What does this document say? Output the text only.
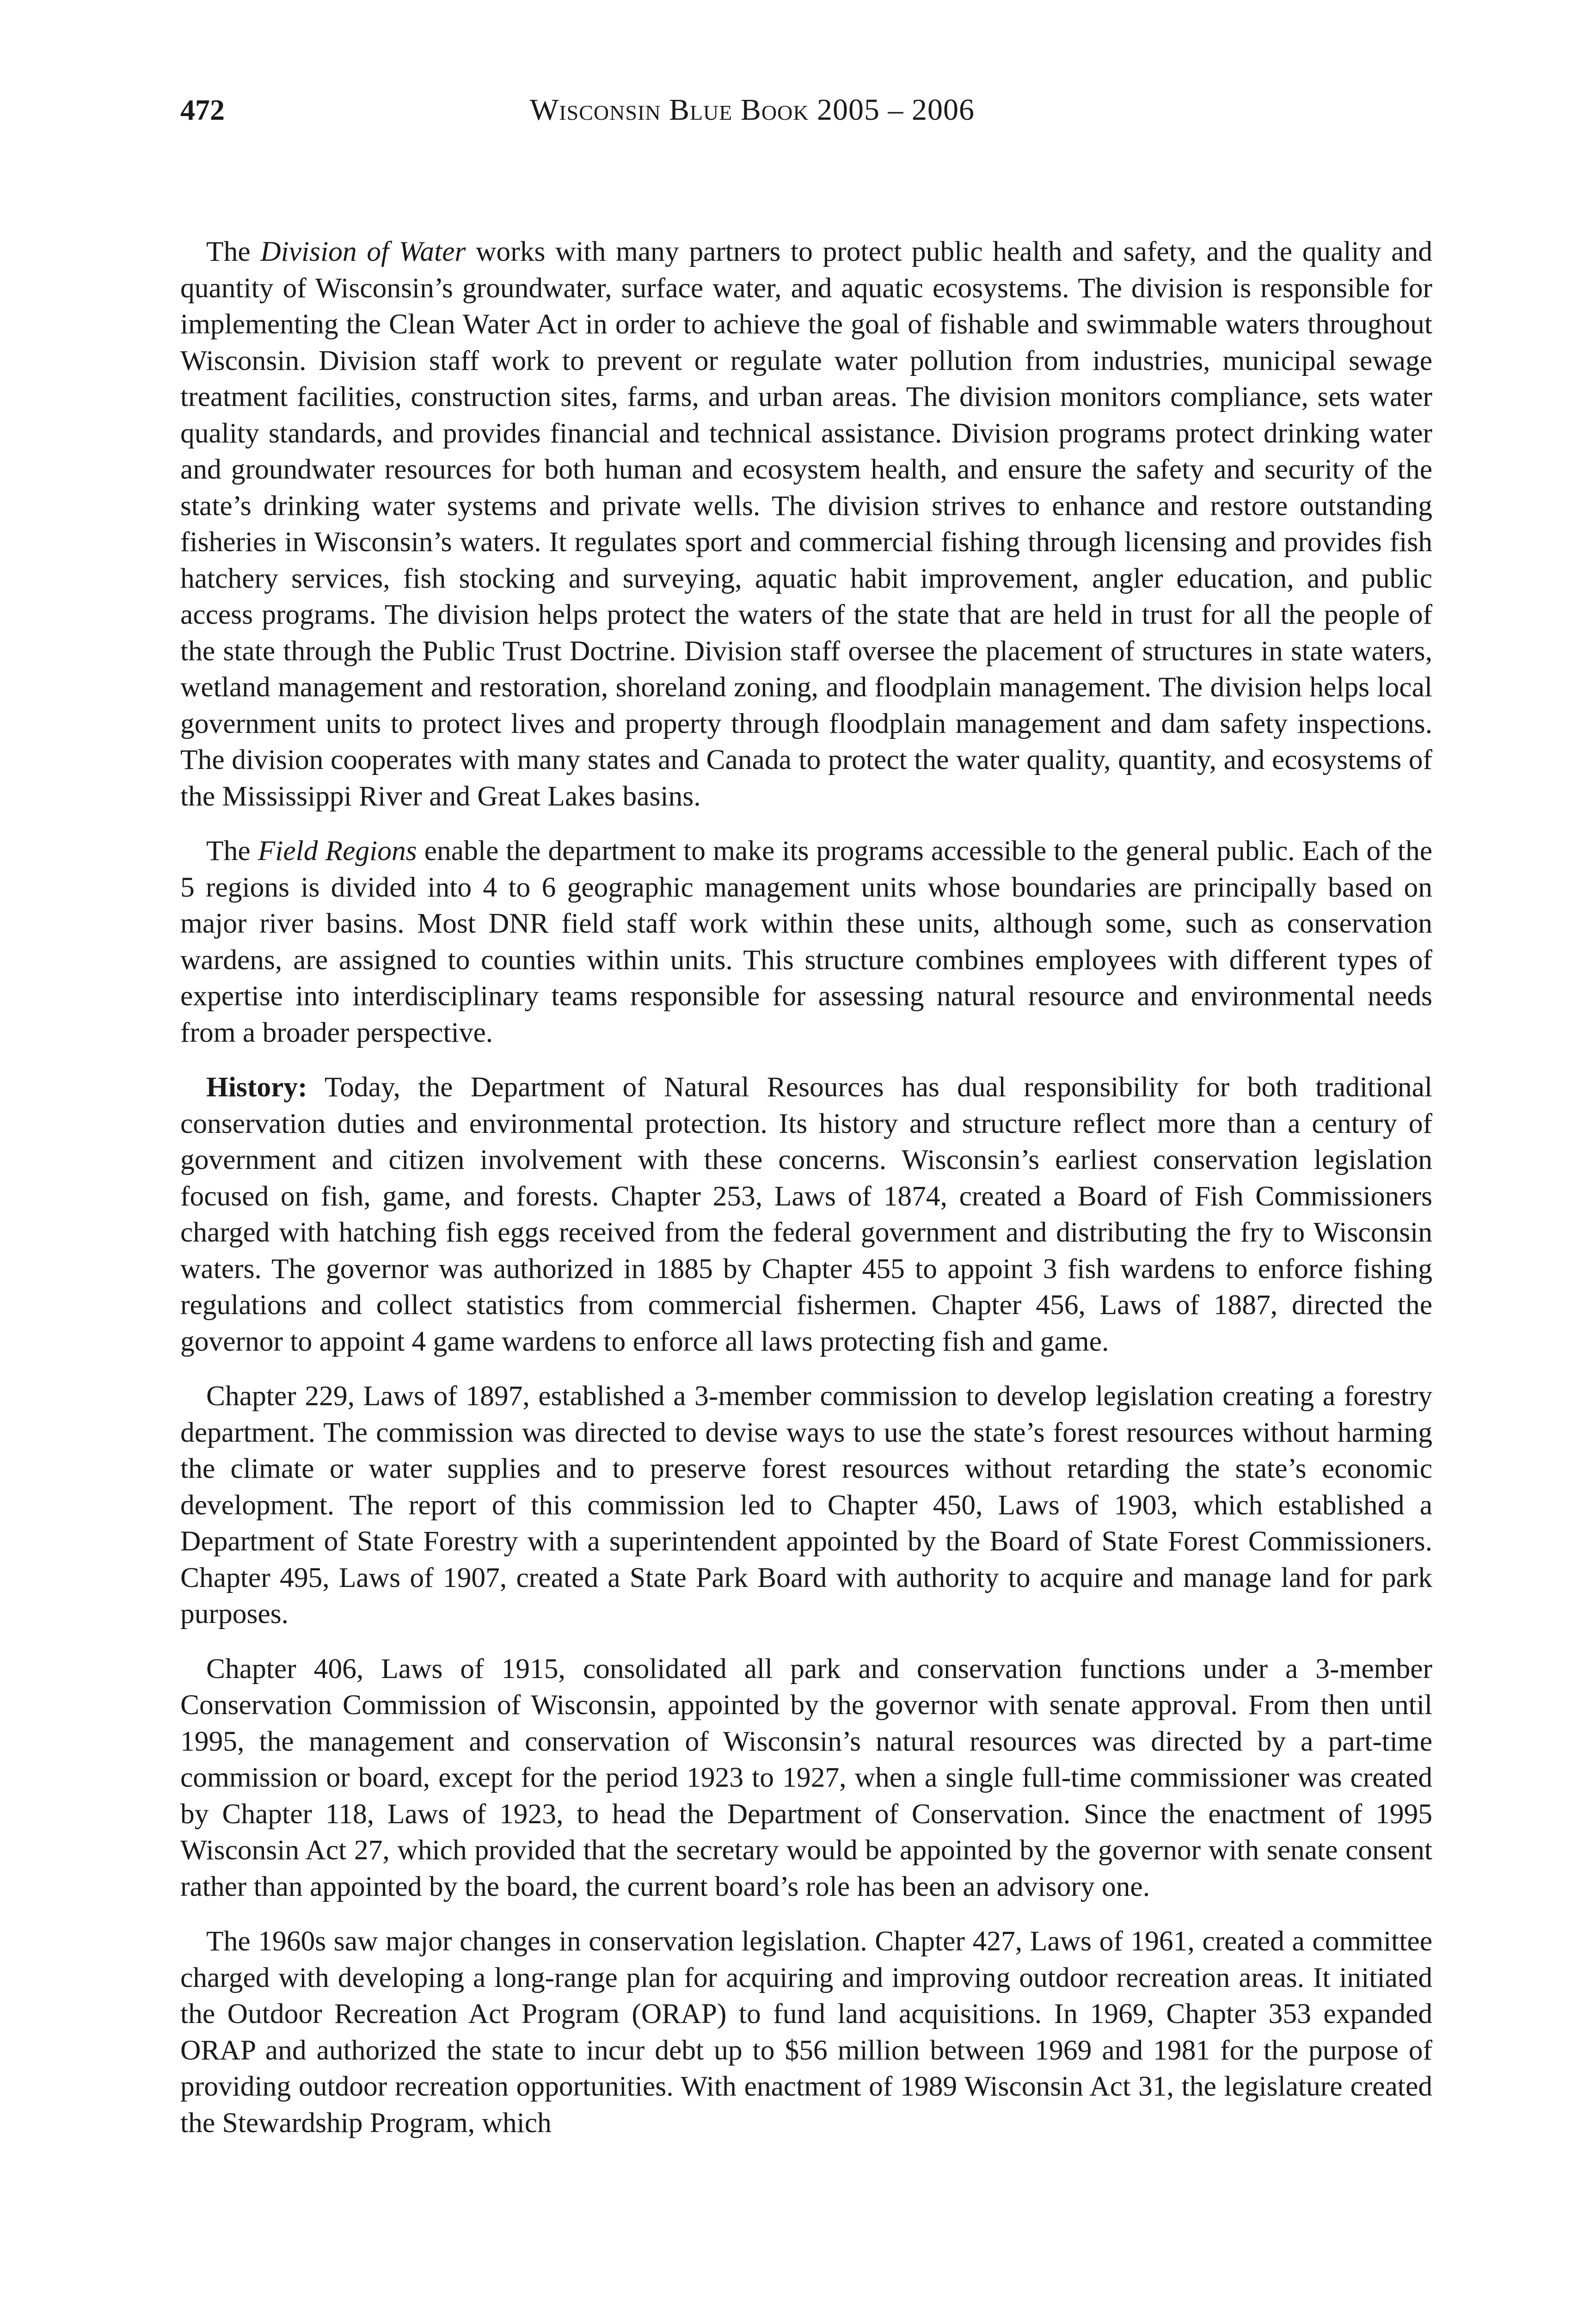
472	Wisconsin Blue Book 2005 – 2006

The Division of Water works with many partners to protect public health and safety, and the quality and quantity of Wisconsin’s groundwater, surface water, and aquatic ecosystems. The division is responsible for implementing the Clean Water Act in order to achieve the goal of fishable and swimmable waters throughout Wisconsin. Division staff work to prevent or regulate water pollution from industries, municipal sewage treatment facilities, construction sites, farms, and urban areas. The division monitors compliance, sets water quality standards, and provides financial and technical assistance. Division programs protect drinking water and groundwater resources for both human and ecosystem health, and ensure the safety and security of the state’s drinking water systems and private wells. The division strives to enhance and restore outstanding fisheries in Wisconsin’s waters. It regulates sport and commercial fishing through licensing and provides fish hatchery services, fish stocking and surveying, aquatic habit improvement, angler education, and public access programs. The division helps protect the waters of the state that are held in trust for all the people of the state through the Public Trust Doctrine. Division staff oversee the placement of structures in state waters, wetland management and restoration, shoreland zoning, and floodplain management. The division helps local government units to protect lives and property through floodplain management and dam safety inspections. The division cooperates with many states and Canada to protect the water quality, quantity, and ecosystems of the Mississippi River and Great Lakes basins.

The Field Regions enable the department to make its programs accessible to the general public. Each of the 5 regions is divided into 4 to 6 geographic management units whose boundaries are principally based on major river basins. Most DNR field staff work within these units, although some, such as conservation wardens, are assigned to counties within units. This structure combines employees with different types of expertise into interdisciplinary teams responsible for assessing natural resource and environmental needs from a broader perspective.

History: Today, the Department of Natural Resources has dual responsibility for both traditional conservation duties and environmental protection. Its history and structure reflect more than a century of government and citizen involvement with these concerns. Wisconsin’s earliest conservation legislation focused on fish, game, and forests. Chapter 253, Laws of 1874, created a Board of Fish Commissioners charged with hatching fish eggs received from the federal government and distributing the fry to Wisconsin waters. The governor was authorized in 1885 by Chapter 455 to appoint 3 fish wardens to enforce fishing regulations and collect statistics from commercial fishermen. Chapter 456, Laws of 1887, directed the governor to appoint 4 game wardens to enforce all laws protecting fish and game.

Chapter 229, Laws of 1897, established a 3-member commission to develop legislation creating a forestry department. The commission was directed to devise ways to use the state’s forest resources without harming the climate or water supplies and to preserve forest resources without retarding the state’s economic development. The report of this commission led to Chapter 450, Laws of 1903, which established a Department of State Forestry with a superintendent appointed by the Board of State Forest Commissioners. Chapter 495, Laws of 1907, created a State Park Board with authority to acquire and manage land for park purposes.

Chapter 406, Laws of 1915, consolidated all park and conservation functions under a 3-member Conservation Commission of Wisconsin, appointed by the governor with senate approval. From then until 1995, the management and conservation of Wisconsin’s natural resources was directed by a part-time commission or board, except for the period 1923 to 1927, when a single full-time commissioner was created by Chapter 118, Laws of 1923, to head the Department of Conservation. Since the enactment of 1995 Wisconsin Act 27, which provided that the secretary would be appointed by the governor with senate consent rather than appointed by the board, the current board’s role has been an advisory one.

The 1960s saw major changes in conservation legislation. Chapter 427, Laws of 1961, created a committee charged with developing a long-range plan for acquiring and improving outdoor recreation areas. It initiated the Outdoor Recreation Act Program (ORAP) to fund land acquisitions. In 1969, Chapter 353 expanded ORAP and authorized the state to incur debt up to $56 million between 1969 and 1981 for the purpose of providing outdoor recreation opportunities. With enactment of 1989 Wisconsin Act 31, the legislature created the Stewardship Program, which
